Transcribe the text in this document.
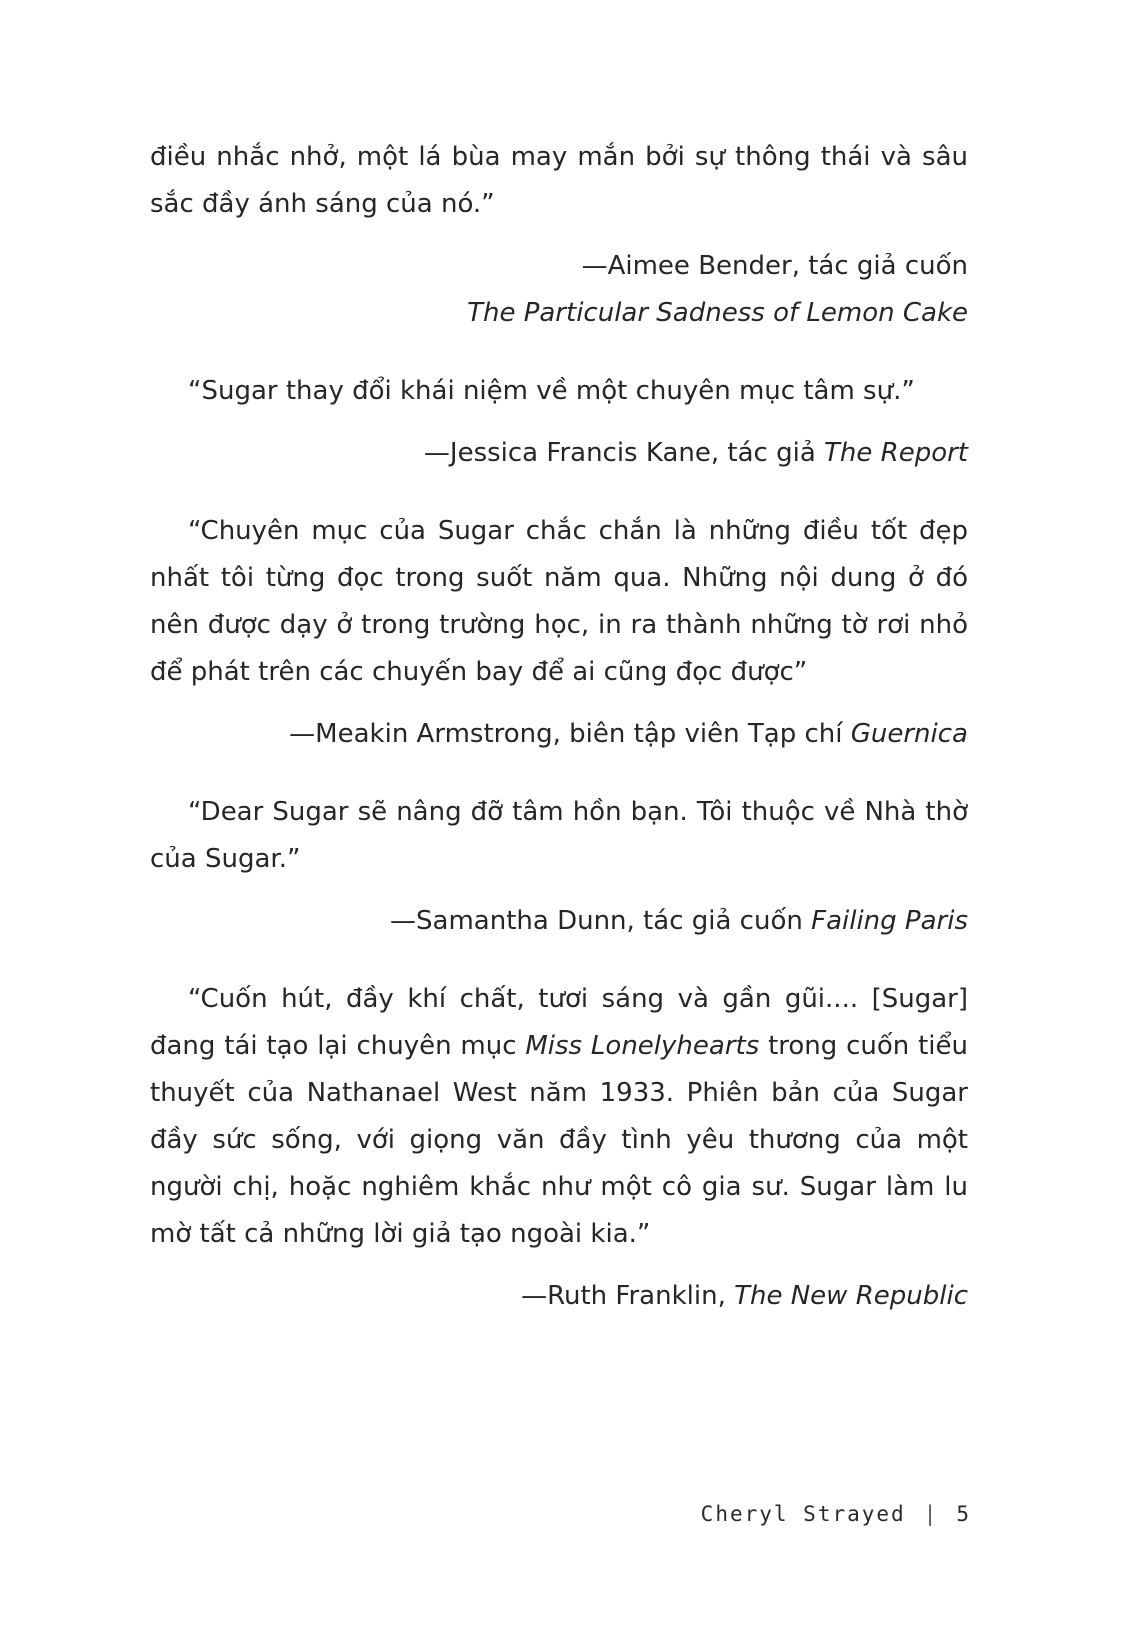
điều nhắc nhở, một lá bùa may mắn bởi sự thông thái và sâu sắc đầy ánh sáng của nó.”

—Aimee Bender, tác giả cuốn

The Particular Sadness of Lemon Cake

“Sugar thay đổi khái niệm về một chuyên mục tâm sự.”

—Jessica Francis Kane, tác giả The Report

“Chuyên mục của Sugar chắc chắn là những điều tốt đẹp nhất tôi từng đọc trong suốt năm qua. Những nội dung ở đó nên được dạy ở trong trường học, in ra thành những tờ rơi nhỏ để phát trên các chuyến bay để ai cũng đọc được”

—Meakin Armstrong, biên tập viên Tạp chí Guernica

“Dear Sugar sẽ nâng đỡ tâm hồn bạn. Tôi thuộc về Nhà thờ của Sugar.”

—Samantha Dunn, tác giả cuốn Failing Paris

“Cuốn hút, đầy khí chất, tươi sáng và gần gũi.... [Sugar] đang tái tạo lại chuyên mục Miss Lonelyhearts trong cuốn tiểu thuyết của Nathanael West năm 1933. Phiên bản của Sugar đầy sức sống, với giọng văn đầy tình yêu thương của một người chị, hoặc nghiêm khắc như một cô gia sư. Sugar làm lu mờ tất cả những lời giả tạo ngoài kia.”

—Ruth Franklin, The New Republic

Cheryl Strayed | 5
